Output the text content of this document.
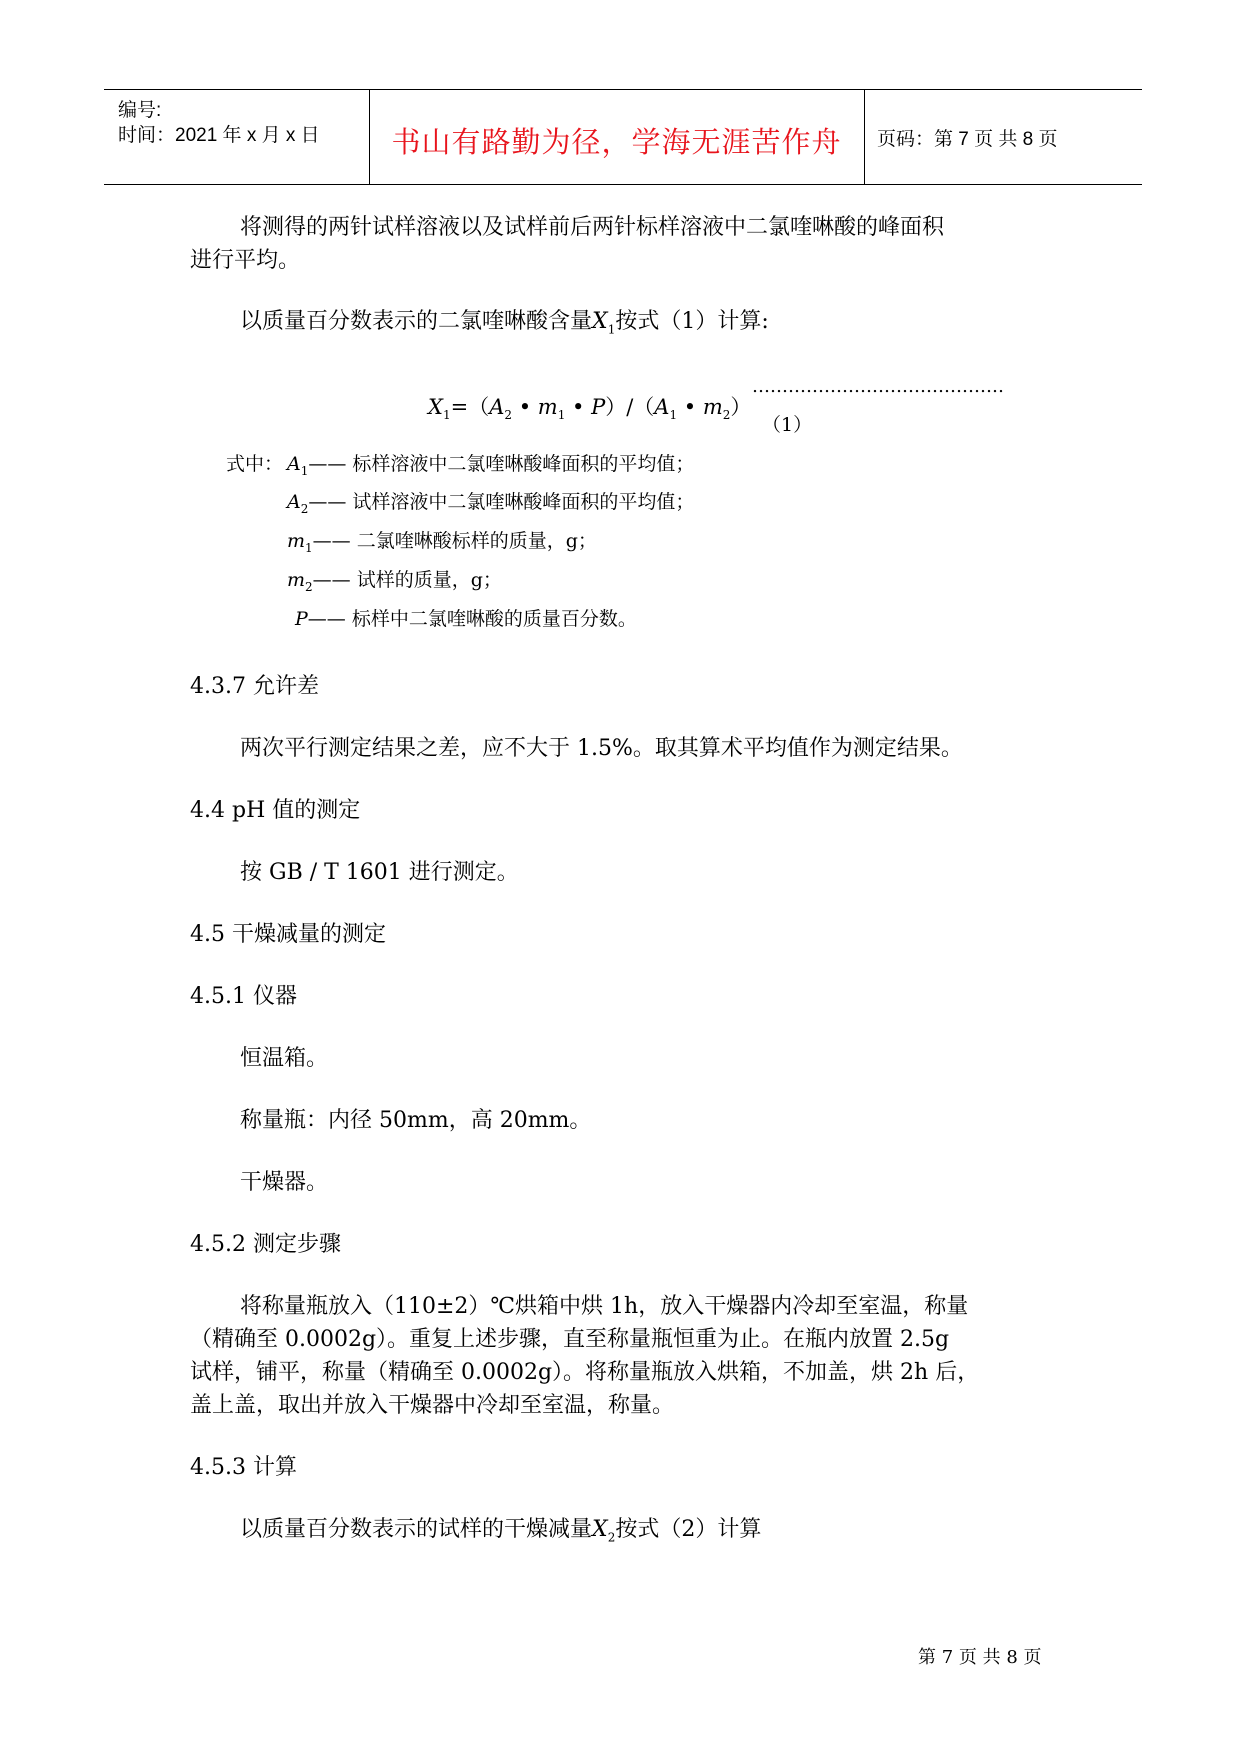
编号:
时间：2021 年 x 月 x 日	书山有路勤为径，学海无涯苦作舟	页码：第 7 页 共 8 页
将测得的两针试样溶液以及试样前后两针标样溶液中二氯喹啉酸的峰面积
进行平均。
以质量百分数表示的二氯喹啉酸含量$X_1$按式（1）计算:
$X_1=(A_2$ • $m_1$ • $P)/(A_1$ • $m_2$）
……………………………………
（1）
式中： $A_1——$ 标样溶液中二氯喹啉酸峰面积的平均值；
$A_2——$ 试样溶液中二氯喹啉酸峰面积的平均值；
$m_1——$ 二氯喹啉酸标样的质量，g；
$m_2——$ 试样的质量，g；
P—— 标样中二氯喹啉酸的质量百分数。
4.3.7 允许差
两次平行测定结果之差，应不大于 1.5%。取其算术平均值作为测定结果。
4.4 pH 值的测定
按 GB / T 1601 进行测定。
4.5 干燥减量的测定
4.5.1 仪器
恒温箱。
称量瓶：内径 50mm，高 20mm。
干燥器。
4.5.2 测定步骤
将称量瓶放入（110±2）℃烘箱中烘 1h，放入干燥器内冷却至室温，称量
（精确至 0.0002g）。重复上述步骤，直至称量瓶恒重为止。在瓶内放置 2.5g
试样，铺平，称量（精确至 0.0002g）。将称量瓶放入烘箱，不加盖，烘 2h 后，
盖上盖，取出并放入干燥器中冷却至室温，称量。
4.5.3 计算
以质量百分数表示的试样的干燥减量$X_2$按式（2）计算
第 7 页 共 8 页
